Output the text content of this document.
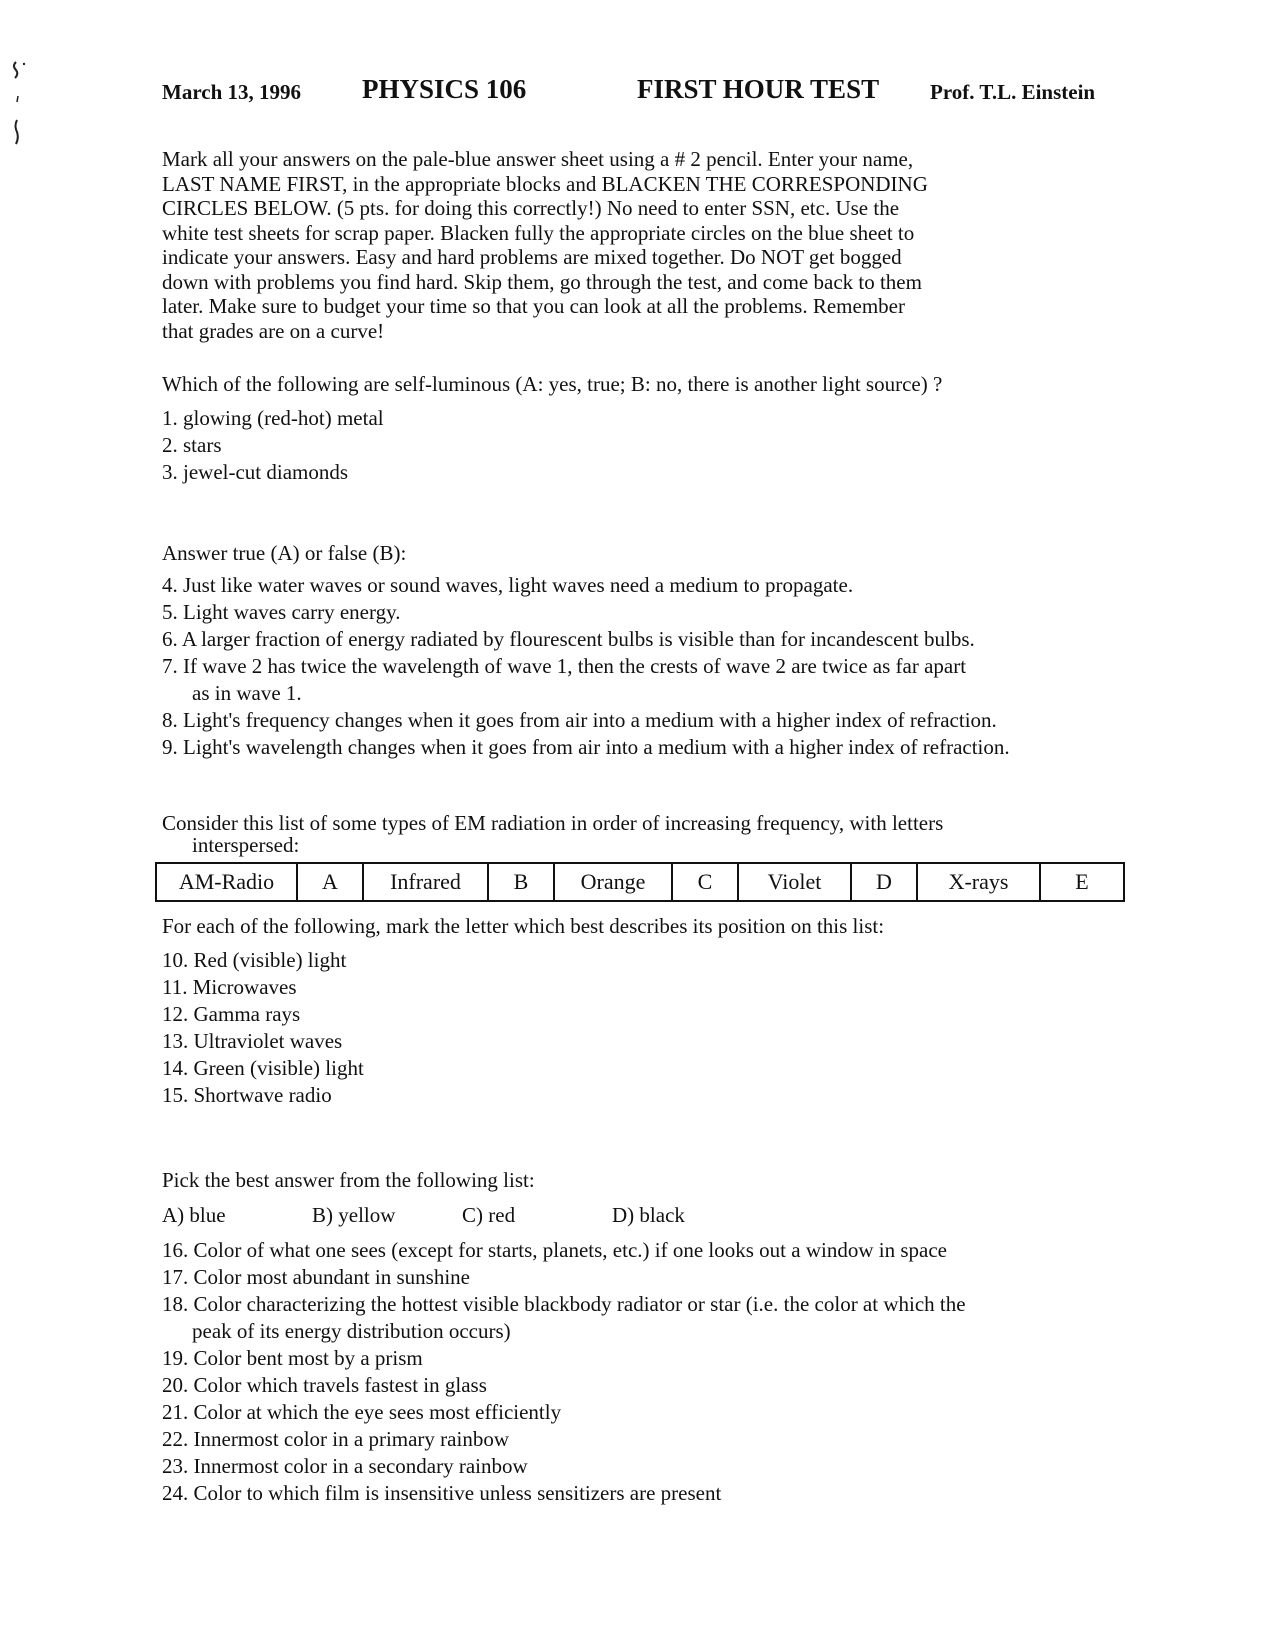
March 13, 1996 PHYSICS 106	FIRST HOUR TEST Prof. T.L. Einstein

Mark all your answers on the pale-blue answer sheet using a # 2 pencil. Enter your name,
LAST NAME FIRST, in the appropriate blocks and BLACKEN THE CORRESPONDING
CIRCLES BELOW. (5 pts. for doing this correctly!) No need to enter SSN, etc. Use the
white test sheets for scrap paper. Blacken fully the appropriate circles on the blue sheet to
indicate your answers. Easy and hard problems are mixed together. Do NOT get bogged
down with problems you find hard. Skip them, go through the test, and come back to them
later. Make sure to budget your time so that you can look at all the problems. Remember
that grades are on a curve!

Which of the following are self-luminous (A: yes, true; B: no, there is another light source) ?
1. glowing (red-hot) metal
2. stars
3. jewel-cut diamonds
Answer true (A) or false (B):
4. Just like water waves or sound waves, light waves need a medium to propagate.
5. Light waves carry energy.
6. A larger fraction of energy radiated by flourescent bulbs is visible than for incandescent bulbs.
7. If wave 2 has twice the wavelength of wave 1, then the crests of wave 2 are twice as far apart
as in wave 1.
8. Light's frequency changes when it goes from air into a medium with a higher index of refraction.
9. Light's wavelength changes when it goes from air into a medium with a higher index of refraction.
Consider this list of some types of EM radiation in order of increasing frequency, with letters
interspersed:
AM-Radio	A	Infrared	B	Orange	C	Violet	D	X-rays	E
For each of the following, mark the letter which best describes its position on this list:
10. Red (visible) light
11. Microwaves
12. Gamma rays
13. Ultraviolet waves
14. Green (visible) light
15. Shortwave radio
Pick the best answer from the following list:
A) blue	B) yellow	C) red	D) black
16. Color of what one sees (except for starts, planets, etc.) if one looks out a window in space
17. Color most abundant in sunshine
18. Color characterizing the hottest visible blackbody radiator or star (i.e. the color at which the
peak of its energy distribution occurs)
19. Color bent most by a prism
20. Color which travels fastest in glass
21. Color at which the eye sees most efficiently
22. Innermost color in a primary rainbow
23. Innermost color in a secondary rainbow
24. Color to which film is insensitive unless sensitizers are present
